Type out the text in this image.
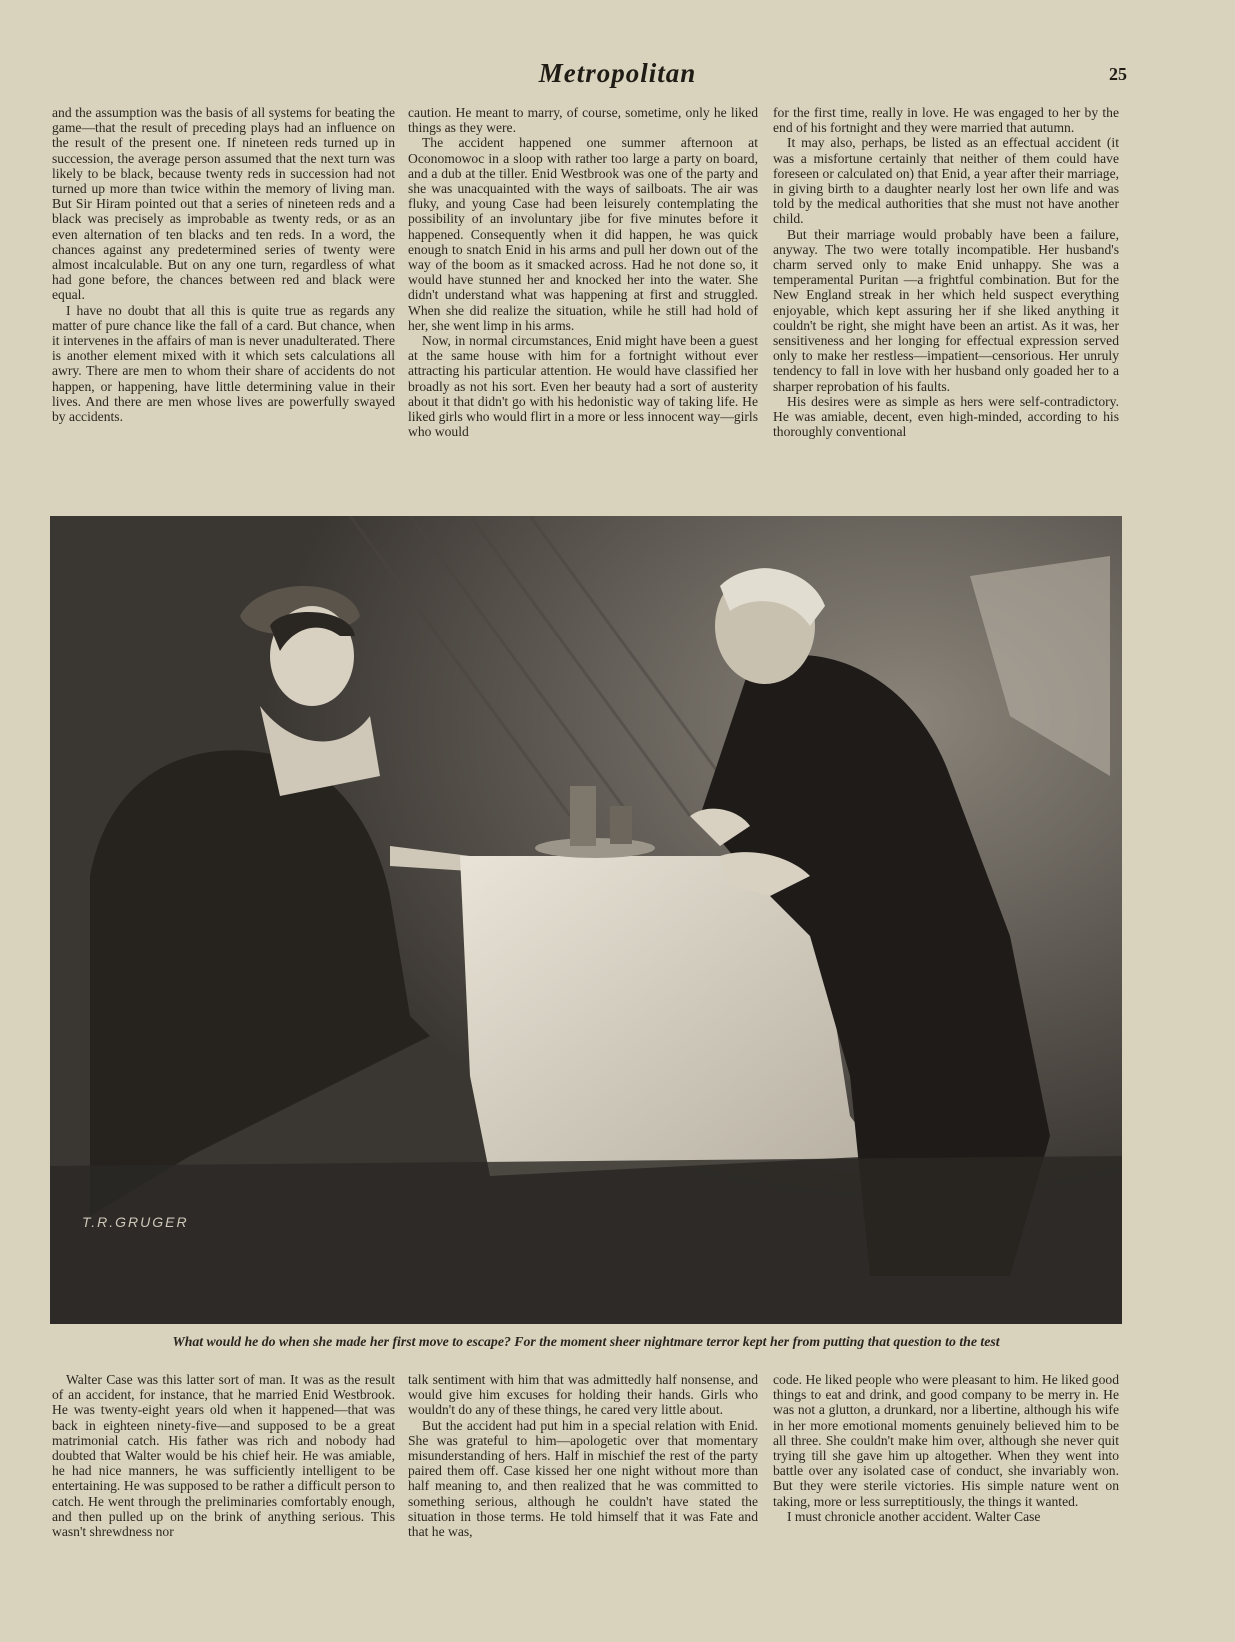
Metropolitan	25

and the assumption was the basis of all systems for beating the game—that the result of preceding plays had an influence on the result of the present one. If nineteen reds turned up in succession, the average person assumed that the next turn was likely to be black, because twenty reds in succession had not turned up more than twice within the memory of living man. But Sir Hiram pointed out that a series of nineteen reds and a black was precisely as improbable as twenty reds, or as an even alternation of ten blacks and ten reds. In a word, the chances against any predetermined series of twenty were almost incalculable. But on any one turn, regardless of what had gone before, the chances between red and black were equal.

I have no doubt that all this is quite true as regards any matter of pure chance like the fall of a card. But chance, when it intervenes in the affairs of man is never unadulterated. There is another element mixed with it which sets calculations all awry. There are men to whom their share of accidents do not happen, or happening, have little determining value in their lives. And there are men whose lives are powerfully swayed by accidents.

caution. He meant to marry, of course, sometime, only he liked things as they were.

The accident happened one summer afternoon at Oconomowoc in a sloop with rather too large a party on board, and a dub at the tiller. Enid Westbrook was one of the party and she was unacquainted with the ways of sailboats. The air was fluky, and young Case had been leisurely contemplating the possibility of an involuntary jibe for five minutes before it happened. Consequently when it did happen, he was quick enough to snatch Enid in his arms and pull her down out of the way of the boom as it smacked across. Had he not done so, it would have stunned her and knocked her into the water. She didn't understand what was happening at first and struggled. When she did realize the situation, while he still had hold of her, she went limp in his arms.

Now, in normal circumstances, Enid might have been a guest at the same house with him for a fortnight without ever attracting his particular attention. He would have classified her broadly as not his sort. Even her beauty had a sort of austerity about it that didn't go with his hedonistic way of taking life. He liked girls who would flirt in a more or less innocent way—girls who would

for the first time, really in love. He was engaged to her by the end of his fortnight and they were married that autumn.

It may also, perhaps, be listed as an effectual accident (it was a misfortune certainly that neither of them could have foreseen or calculated on) that Enid, a year after their marriage, in giving birth to a daughter nearly lost her own life and was told by the medical authorities that she must not have another child.

But their marriage would probably have been a failure, anyway. The two were totally incompatible. Her husband's charm served only to make Enid unhappy. She was a temperamental Puritan —a frightful combination. But for the New England streak in her which held suspect everything enjoyable, which kept assuring her if she liked anything it couldn't be right, she might have been an artist. As it was, her sensitiveness and her longing for effectual expression served only to make her restless—impatient—censorious. Her unruly tendency to fall in love with her husband only goaded her to a sharper reprobation of his faults.

His desires were as simple as hers were self-contradictory. He was amiable, decent, even high-minded, according to his thoroughly conventional

T.R.GRUGER
What would he do when she made her first move to escape? For the moment sheer nightmare terror kept her from putting that question to the test

Walter Case was this latter sort of man. It was as the result of an accident, for instance, that he married Enid Westbrook. He was twenty-eight years old when it happened—that was back in eighteen ninety-five—and supposed to be a great matrimonial catch. His father was rich and nobody had doubted that Walter would be his chief heir. He was amiable, he had nice manners, he was sufficiently intelligent to be entertaining. He was supposed to be rather a difficult person to catch. He went through the preliminaries comfortably enough, and then pulled up on the brink of anything serious. This wasn't shrewdness nor

talk sentiment with him that was admittedly half nonsense, and would give him excuses for holding their hands. Girls who wouldn't do any of these things, he cared very little about.

But the accident had put him in a special relation with Enid. She was grateful to him—apologetic over that momentary misunderstanding of hers. Half in mischief the rest of the party paired them off. Case kissed her one night without more than half meaning to, and then realized that he was committed to something serious, although he couldn't have stated the situation in those terms. He told himself that it was Fate and that he was,

code. He liked people who were pleasant to him. He liked good things to eat and drink, and good company to be merry in. He was not a glutton, a drunkard, nor a libertine, although his wife in her more emotional moments genuinely believed him to be all three. She couldn't make him over, although she never quit trying till she gave him up altogether. When they went into battle over any isolated case of conduct, she invariably won. But they were sterile victories. His simple nature went on taking, more or less surreptitiously, the things it wanted.

I must chronicle another accident. Walter Case
